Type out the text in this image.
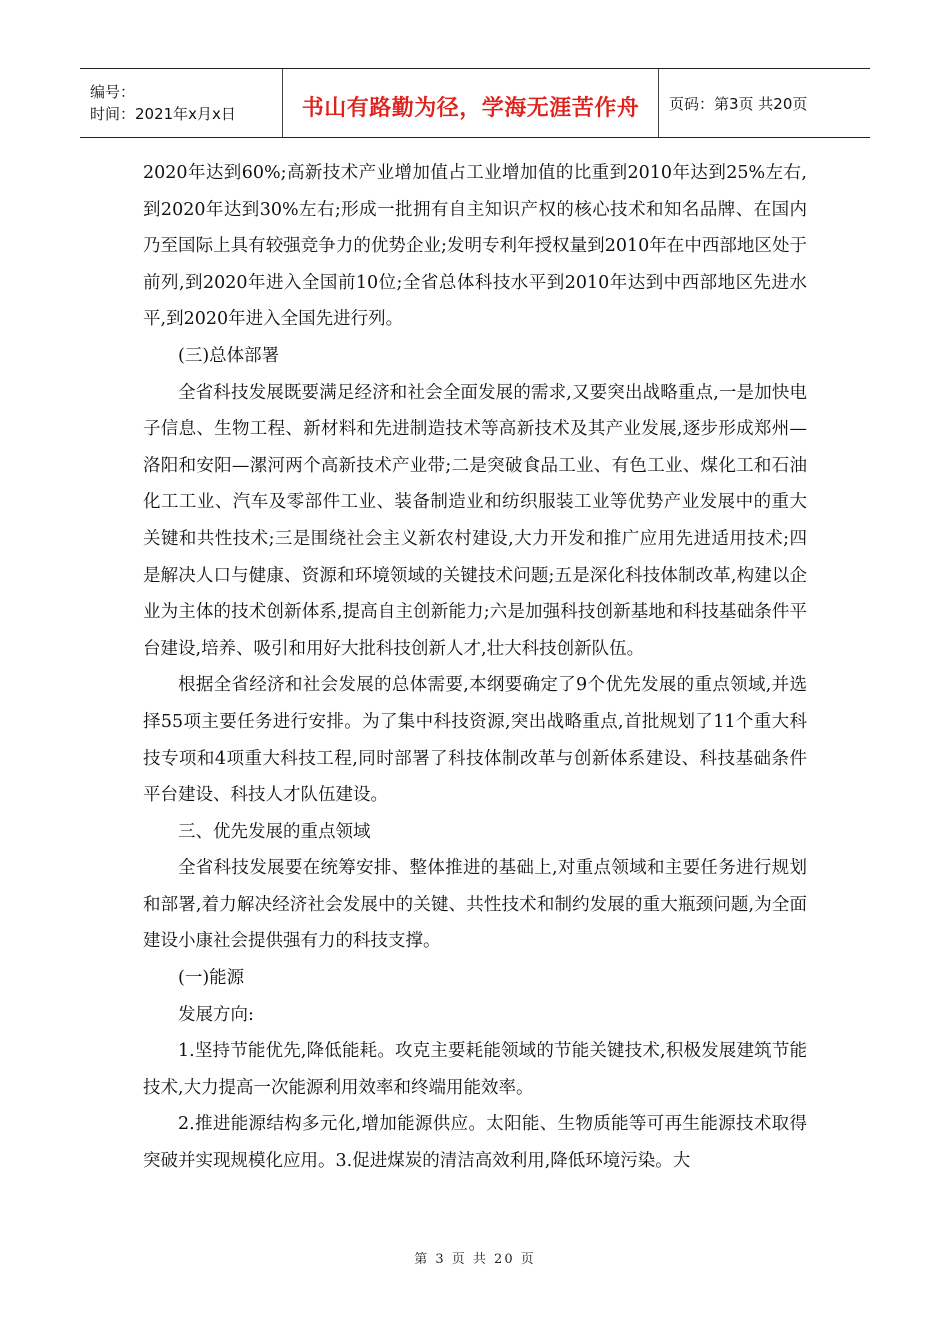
编号：
时间：2021年x月x日	书山有路勤为径，学海无涯苦作舟 页码：第3页 共20页

2020年达到60%;高新技术产业增加值占工业增加值的比重到2010年达到25%左右,到2020年达到30%左右;形成一批拥有自主知识产权的核心技术和知名品牌、在国内乃至国际上具有较强竞争力的优势企业;发明专利年授权量到2010年在中西部地区处于前列,到2020年进入全国前10位;全省总体科技水平到2010年达到中西部地区先进水平,到2020年进入全国先进行列。

(三)总体部署

全省科技发展既要满足经济和社会全面发展的需求,又要突出战略重点,一是加快电子信息、生物工程、新材料和先进制造技术等高新技术及其产业发展,逐步形成郑州—洛阳和安阳—漯河两个高新技术产业带;二是突破食品工业、有色工业、煤化工和石油化工工业、汽车及零部件工业、装备制造业和纺织服装工业等优势产业发展中的重大关键和共性技术;三是围绕社会主义新农村建设,大力开发和推广应用先进适用技术;四是解决人口与健康、资源和环境领域的关键技术问题;五是深化科技体制改革,构建以企业为主体的技术创新体系,提高自主创新能力;六是加强科技创新基地和科技基础条件平台建设,培养、吸引和用好大批科技创新人才,壮大科技创新队伍。

根据全省经济和社会发展的总体需要,本纲要确定了9个优先发展的重点领域,并选择55项主要任务进行安排。为了集中科技资源,突出战略重点,首批规划了11个重大科技专项和4项重大科技工程,同时部署了科技体制改革与创新体系建设、科技基础条件平台建设、科技人才队伍建设。

三、优先发展的重点领域

全省科技发展要在统筹安排、整体推进的基础上,对重点领域和主要任务进行规划和部署,着力解决经济社会发展中的关键、共性技术和制约发展的重大瓶颈问题,为全面建设小康社会提供强有力的科技支撑。

(一)能源

发展方向:

1.坚持节能优先,降低能耗。攻克主要耗能领域的节能关键技术,积极发展建筑节能技术,大力提高一次能源利用效率和终端用能效率。

2.推进能源结构多元化,增加能源供应。太阳能、生物质能等可再生能源技术取得突破并实现规模化应用。3.促进煤炭的清洁高效利用,降低环境污染。大

第 3 页 共 20 页
